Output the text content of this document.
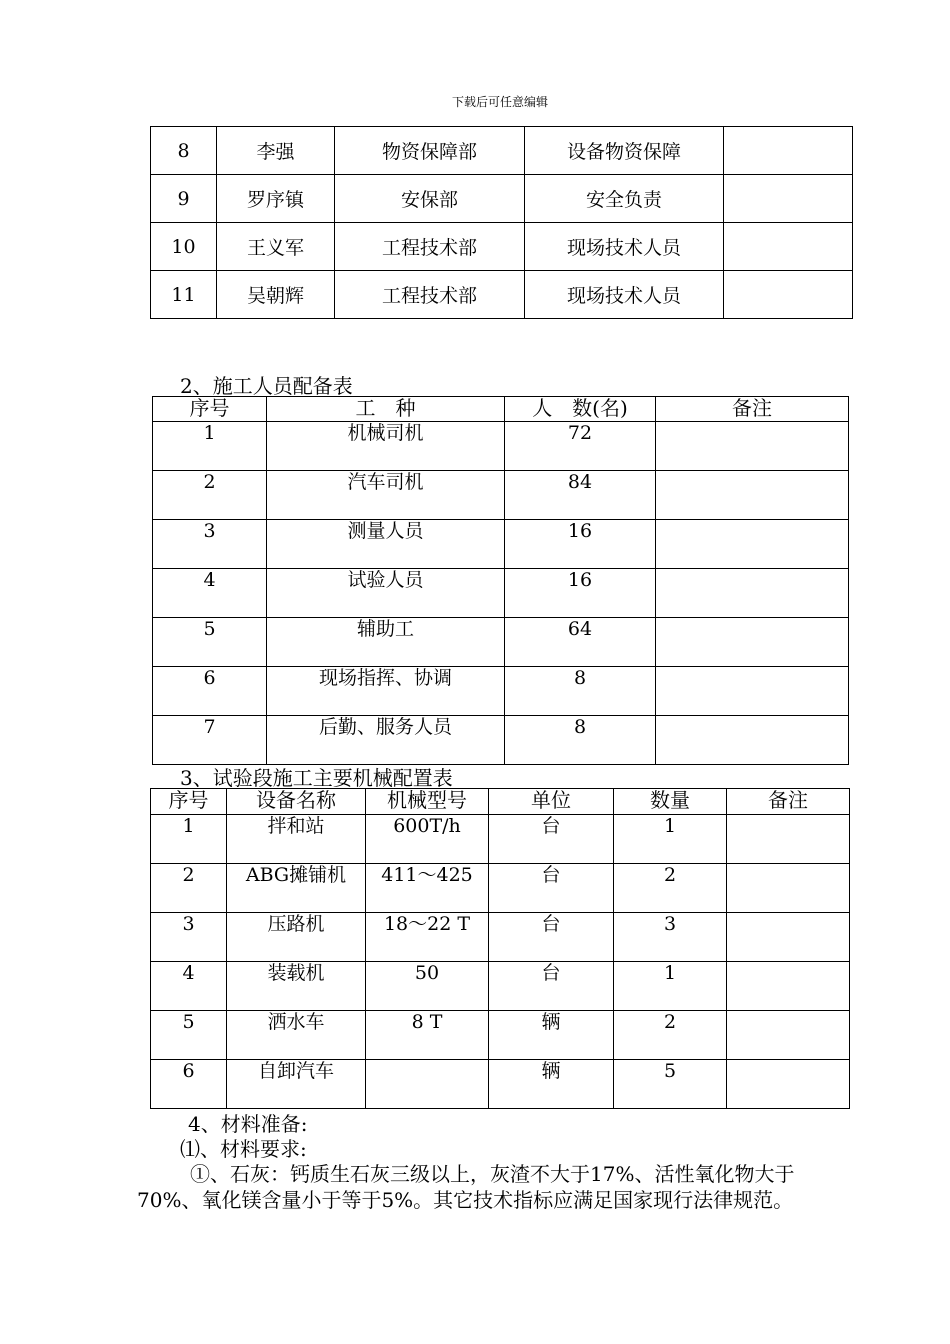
下载后可任意编辑
8	李强	物资保障部	设备物资保障	
9	罗序镇	安保部	安全负责	
10	王义军	工程技术部	现场技术人员	
11	吴朝辉	工程技术部	现场技术人员	
2、施工人员配备表
序号	工　种	人　数(名)	备注
1	机械司机	72	
2	汽车司机	84	
3	测量人员	16	
4	试验人员	16	
5	辅助工	64	
6	现场指挥、协调	8	
7	后勤、服务人员	8	
3、试验段施工主要机械配置表
序号	设备名称	机械型号	单位	数量	备注
1	拌和站	600T/h	台	1	
2	ABG摊铺机	411～425	台	2	
3	压路机	18～22 T	台	3	
4	装载机	50	台	1	
5	洒水车	8 T	辆	2	
6	自卸汽车		辆	5	
4、材料准备:
⑴、材料要求:
①、石灰：钙质生石灰三级以上，灰渣不大于17%、活性氧化物大于
70%、氧化镁含量小于等于5%。其它技术指标应满足国家现行法律规范。
